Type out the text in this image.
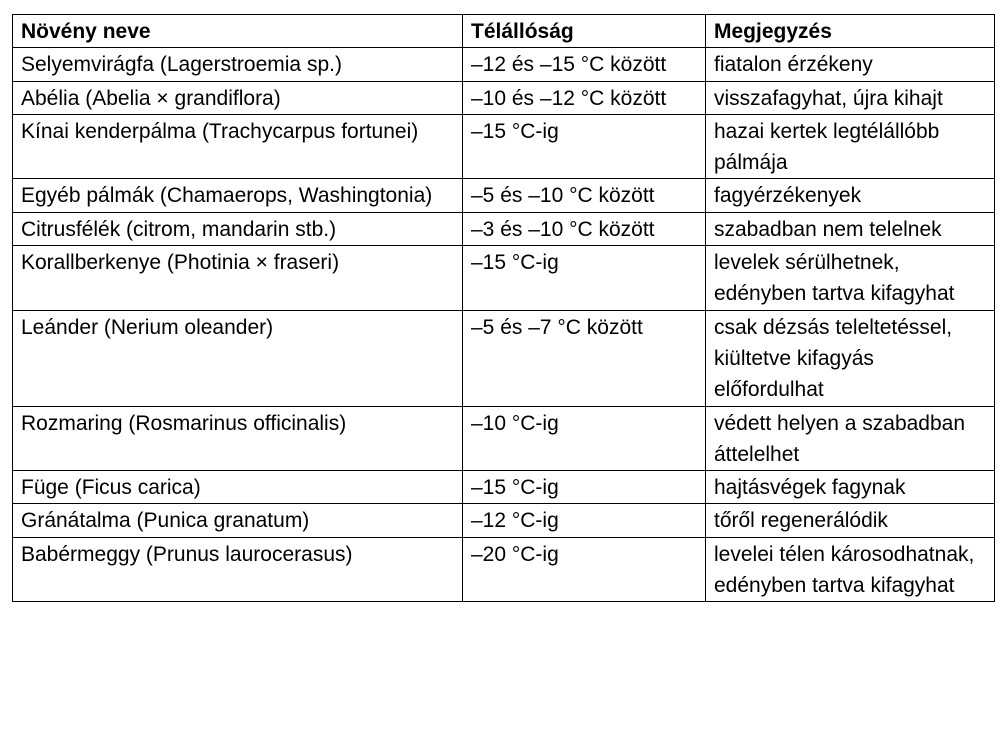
Növény neve	Télállóság	Megjegyzés
Selyemvirágfa (Lagerstroemia sp.)	–12 és –15 °C között	fiatalon érzékeny
Abélia (Abelia × grandiflora)	–10 és –12 °C között	visszafagyhat, újra kihajt
Kínai kenderpálma (Trachycarpus fortunei)	–15 °C-ig	hazai kertek legtélállóbb pálmája
Egyéb pálmák (Chamaerops, Washingtonia)	–5 és –10 °C között	fagyérzékenyek
Citrusfélék (citrom, mandarin stb.)	–3 és –10 °C között	szabadban nem telelnek
Korallberkenye (Photinia × fraseri)	–15 °C-ig	levelek sérülhetnek, edényben tartva kifagyhat
Leánder (Nerium oleander)	–5 és –7 °C között	csak dézsás teleltetéssel, kiültetve kifagyás előfordulhat
Rozmaring (Rosmarinus officinalis)	–10 °C-ig	védett helyen a szabadban áttelelhet
Füge (Ficus carica)	–15 °C-ig	hajtásvégek fagynak
Gránátalma (Punica granatum)	–12 °C-ig	tőről regenerálódik
Babérmeggy (Prunus laurocerasus)	–20 °C-ig	levelei télen károsodhatnak, edényben tartva kifagyhat
